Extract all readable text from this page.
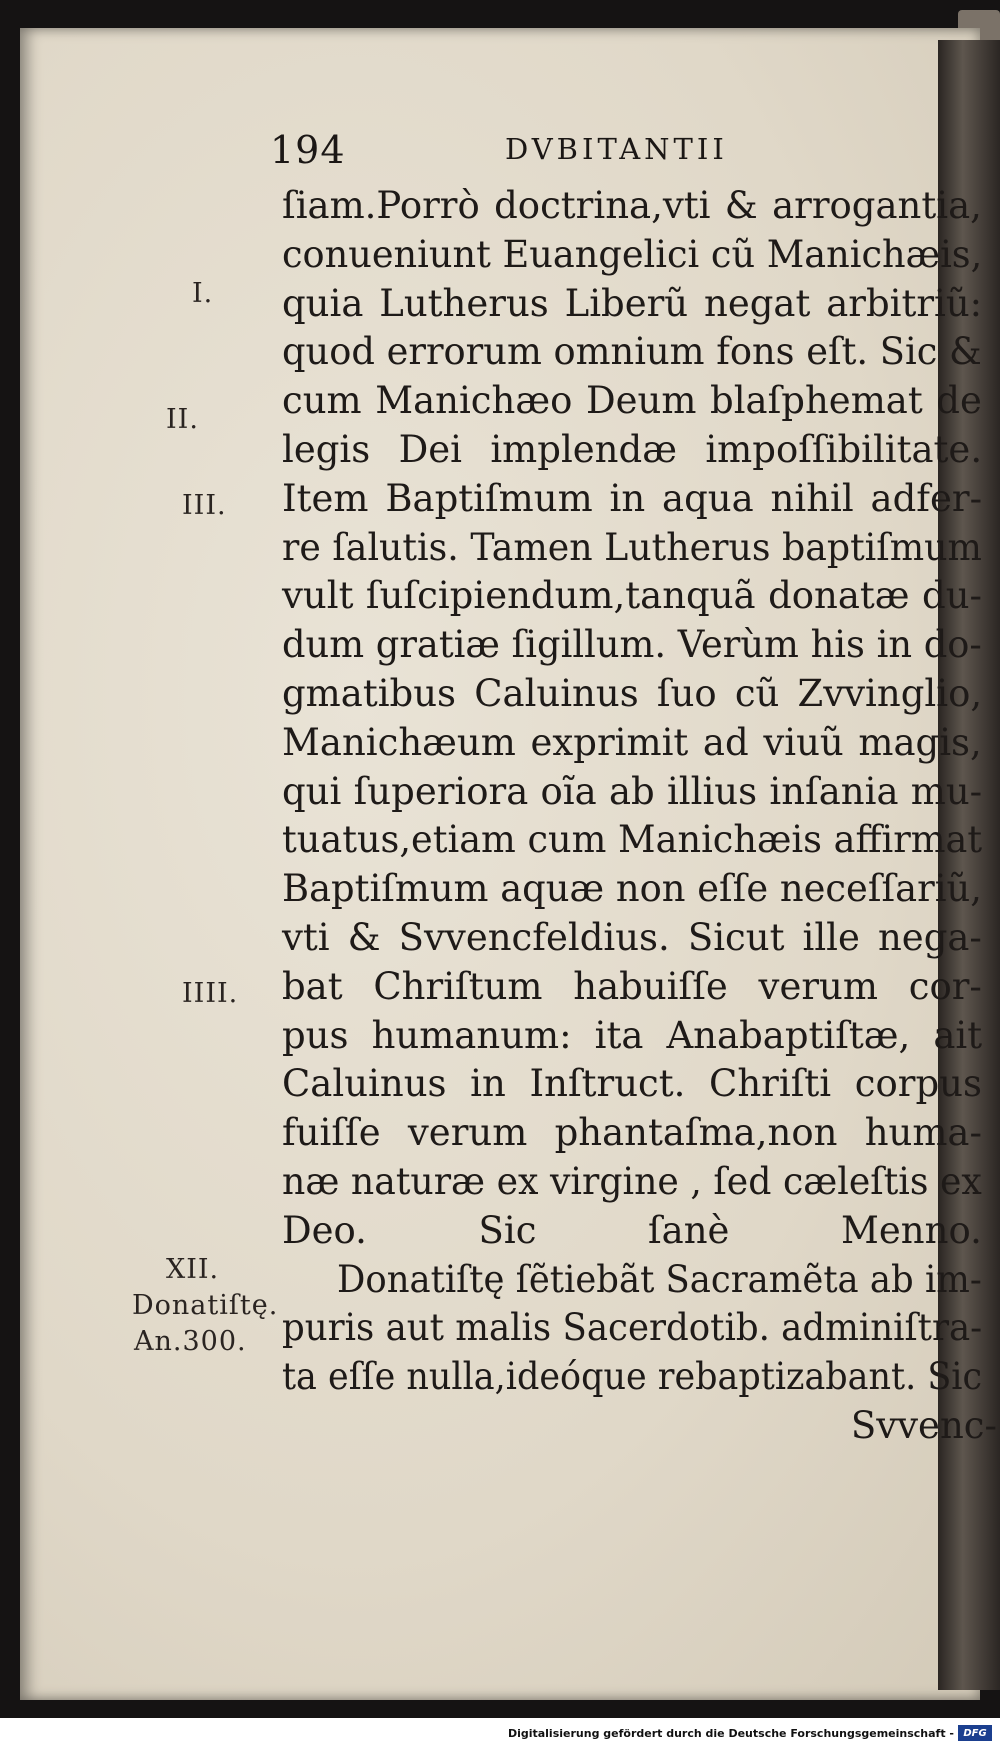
194	DVBITANTII
I.
II.
III.
IIII.
XII.
Donatiſtę.
An.300.
ſiam.Porrò doctrina,vti & arrogantia,
conueniunt Euangelici cũ Manichæis,
quia Lutherus Liberũ negat arbitriũ:
quod errorum omnium fons eſt. Sic &
cum Manichæo Deum blaſphemat de
legis Dei implendæ impoſſibilitate.
Item Baptiſmum in aqua nihil adfer-
re ſalutis. Tamen Lutherus baptiſmum
vult ſuſcipiendum,tanquã donatæ du-
dum gratiæ ſigillum. Verùm his in do-
gmatibus Caluinus ſuo cũ Zvvinglio,
Manichæum exprimit ad viuũ magis,
qui ſuperiora oĩa ab illius inſania mu-
tuatus,etiam cum Manichæis affirmat
Baptiſmum aquæ non eſſe neceſſariũ,
vti & Svvencfeldius. Sicut ille nega-
bat Chriſtum habuiſſe verum cor-
pus humanum: ita Anabaptiſtæ, ait
Caluinus in Inſtruct. Chriſti corpus
fuiſſe verum phantaſma,non huma-
næ naturæ ex virgine , ſed cæleſtis ex
Deo. Sic ſanè Menno.
Donatiſtę ſẽtiebãt Sacramẽta ab im-
puris aut malis Sacerdotib. adminiſtra-
ta eſſe nulla,ideóque rebaptizabant. Sic
Svvenc-
Digitalisierung gefördert durch die Deutsche Forschungsgemeinschaft - DFG
